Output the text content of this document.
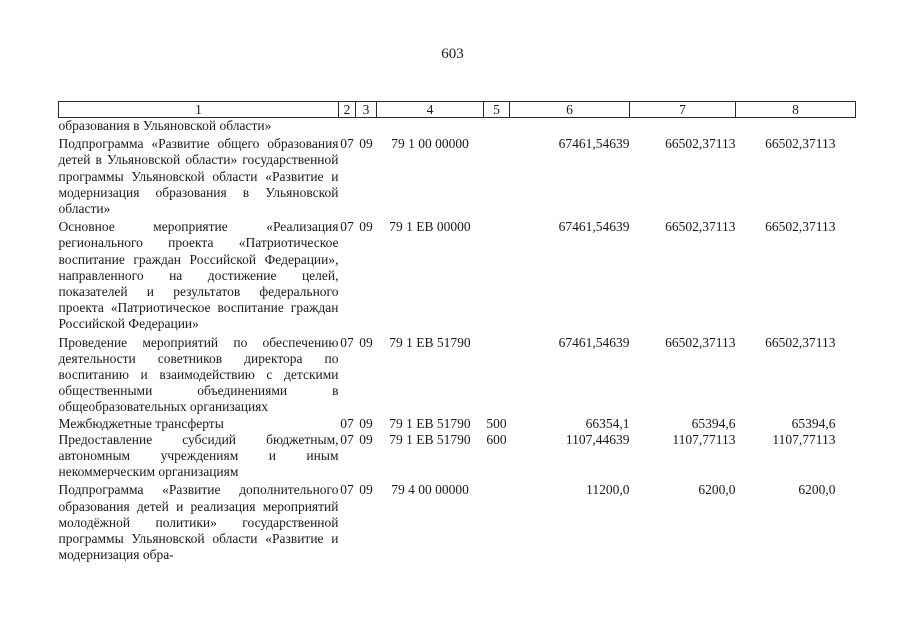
603
1	2	3	4	5	6	7	8
образования в Ульяновской области»							
Подпрограмма «Развитие общего образования детей в Ульяновской области» государственной программы Ульяновской области «Развитие и модернизация образования в Ульяновской области»	07	09	79 1 00 00000		67461,54639	66502,37113	66502,37113
Основное мероприятие «Реализация регионального проекта «Патриотическое воспитание граждан Российской Федерации», направленного на достижение целей, показателей и результатов федерального проекта «Патриотическое воспитание граждан Российской Федерации»	07	09	79 1 ЕВ 00000		67461,54639	66502,37113	66502,37113
Проведение мероприятий по обеспечению деятельности советников директора по воспитанию и взаимодействию с детскими общественными объединениями в общеобразовательных организациях	07	09	79 1 ЕВ 51790		67461,54639	66502,37113	66502,37113
Межбюджетные трансферты	07	09	79 1 ЕВ 51790	500	66354,1	65394,6	65394,6
Предоставление субсидий бюджетным, автономным учреждениям и иным некоммерческим организациям	07	09	79 1 ЕВ 51790	600	1107,44639	1107,77113	1107,77113
Подпрограмма «Развитие дополнительного образования детей и реализация мероприятий молодёжной политики» государственной программы Ульяновской области «Развитие и модернизация обра-	07	09	79 4 00 00000		11200,0	6200,0	6200,0
